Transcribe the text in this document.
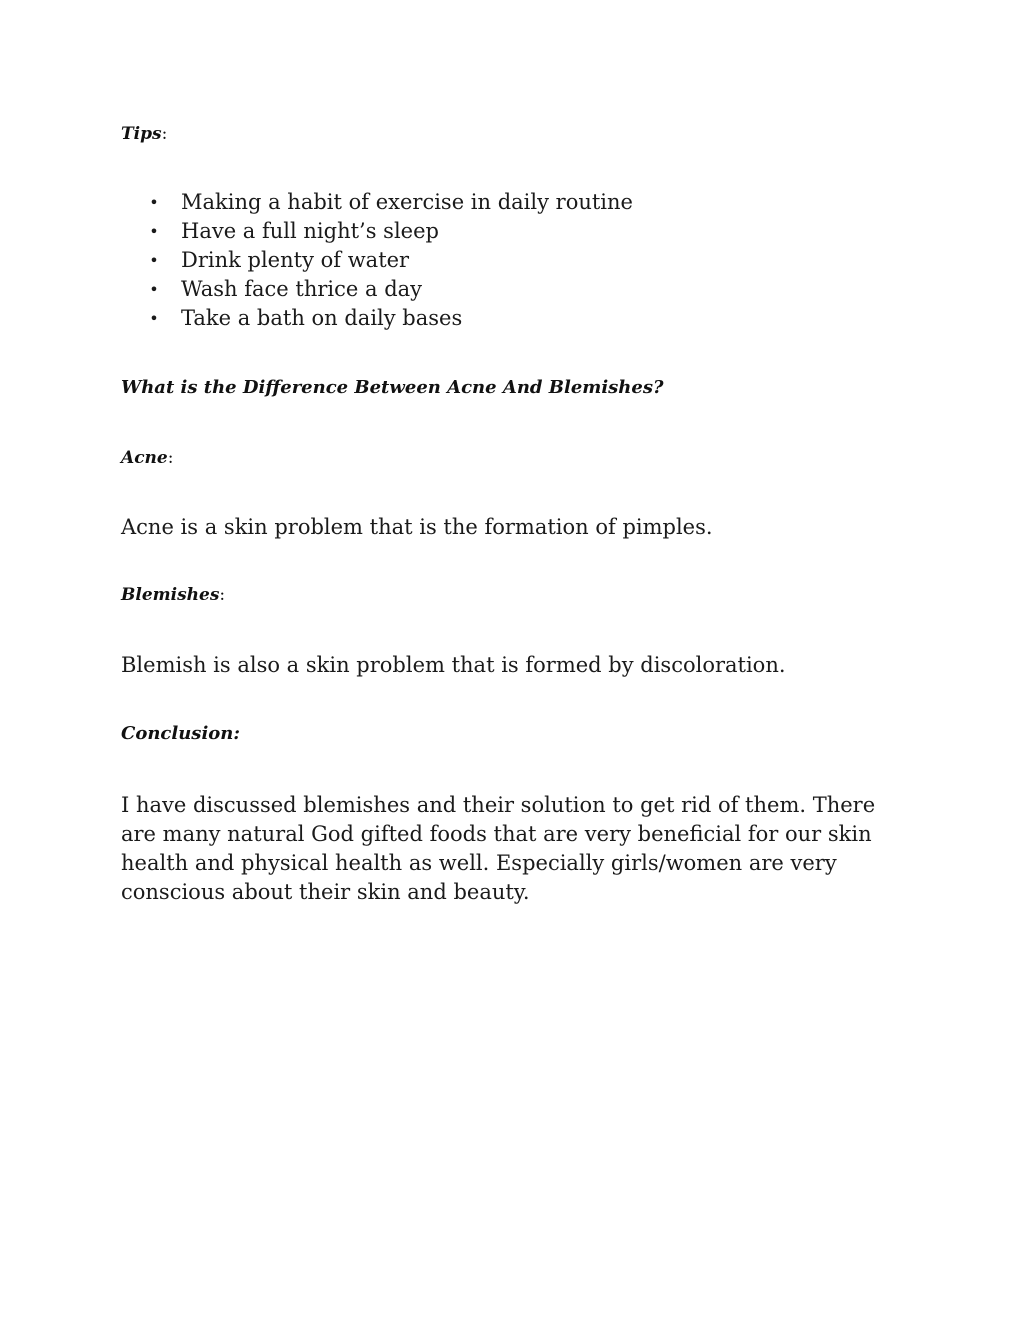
Tips:
• Making a habit of exercise in daily routine
• Have a full night’s sleep
• Drink plenty of water
• Wash face thrice a day
• Take a bath on daily bases
What is the Difference Between Acne And Blemishes?
Acne:

Acne is a skin problem that is the formation of pimples.

Blemishes:

Blemish is also a skin problem that is formed by discoloration.

Conclusion:

I have discussed blemishes and their solution to get rid of them. There are many natural God gifted foods that are very beneficial for our skin health and physical health as well. Especially girls/women are very conscious about their skin and beauty.
